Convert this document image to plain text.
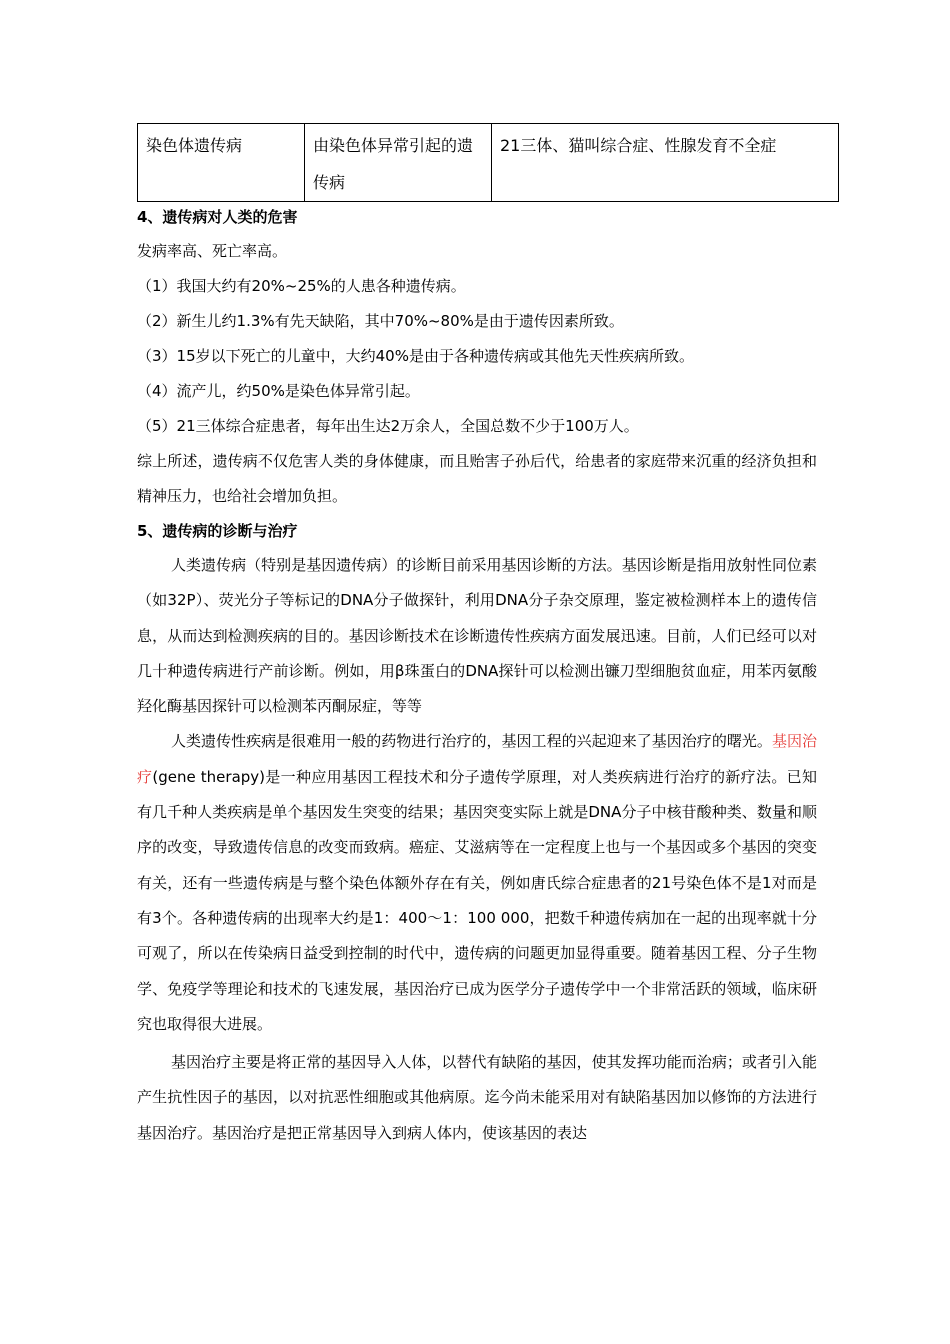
染色体遗传病	由染色体异常引起的遗传病	21三体、猫叫综合症、性腺发育不全症
4、遗传病对人类的危害
发病率高、死亡率高。
（1）我国大约有20%~25%的人患各种遗传病。
（2）新生儿约1.3%有先天缺陷，其中70%~80%是由于遗传因素所致。
（3）15岁以下死亡的儿童中，大约40%是由于各种遗传病或其他先天性疾病所致。
（4）流产儿，约50%是染色体异常引起。
（5）21三体综合症患者，每年出生达2万余人，全国总数不少于100万人。
综上所述，遗传病不仅危害人类的身体健康，而且贻害子孙后代，给患者的家庭带来沉重的经济负担和精神压力，也给社会增加负担。
5、遗传病的诊断与治疗

人类遗传病（特别是基因遗传病）的诊断目前采用基因诊断的方法。基因诊断是指用放射性同位素（如32P）、荧光分子等标记的DNA分子做探针，利用DNA分子杂交原理，鉴定被检测样本上的遗传信息，从而达到检测疾病的目的。基因诊断技术在诊断遗传性疾病方面发展迅速。目前，人们已经可以对几十种遗传病进行产前诊断。例如，用β珠蛋白的DNA探针可以检测出镰刀型细胞贫血症，用苯丙氨酸羟化酶基因探针可以检测苯丙酮尿症，等等

人类遗传性疾病是很难用一般的药物进行治疗的，基因工程的兴起迎来了基因治疗的曙光。基因治疗(gene therapy)是一种应用基因工程技术和分子遗传学原理，对人类疾病进行治疗的新疗法。已知有几千种人类疾病是单个基因发生突变的结果；基因突变实际上就是DNA分子中核苷酸种类、数量和顺序的改变，导致遗传信息的改变而致病。癌症、艾滋病等在一定程度上也与一个基因或多个基因的突变有关，还有一些遗传病是与整个染色体额外存在有关，例如唐氏综合症患者的21号染色体不是1对而是有3个。各种遗传病的出现率大约是1：400～1：100 000，把数千种遗传病加在一起的出现率就十分可观了，所以在传染病日益受到控制的时代中，遗传病的问题更加显得重要。随着基因工程、分子生物学、免疫学等理论和技术的飞速发展，基因治疗已成为医学分子遗传学中一个非常活跃的领域，临床研究也取得很大进展。

基因治疗主要是将正常的基因导入人体，以替代有缺陷的基因，使其发挥功能而治病；或者引入能产生抗性因子的基因，以对抗恶性细胞或其他病原。迄今尚未能采用对有缺陷基因加以修饰的方法进行基因治疗。基因治疗是把正常基因导入到病人体内，使该基因的表达
